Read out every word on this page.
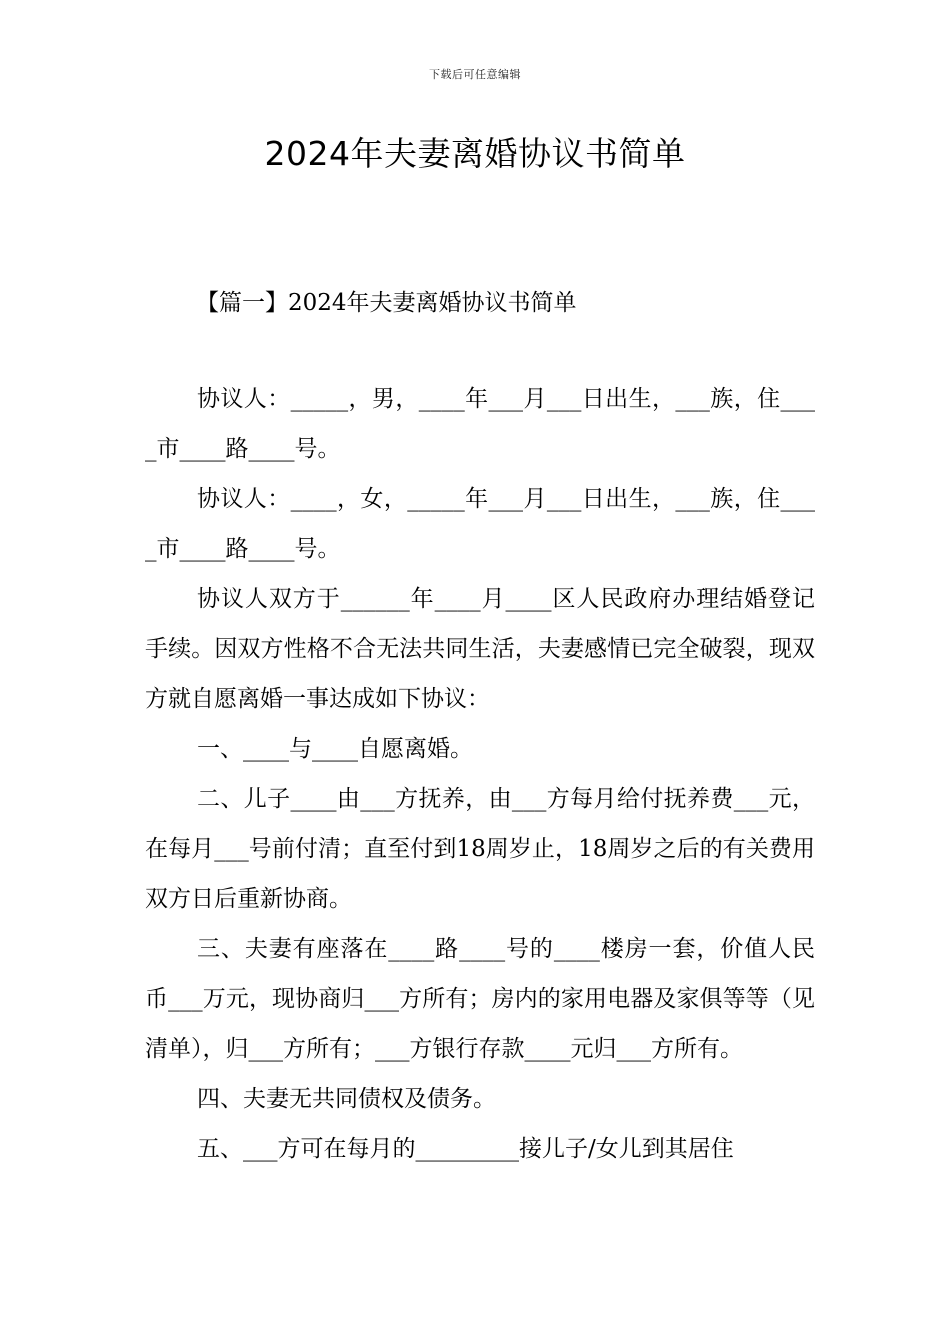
下载后可任意编辑
2024年夫妻离婚协议书简单
【篇一】2024年夫妻离婚协议书简单

协议人：_____，男，____年___月___日出生，___族，住____市____路____号。

协议人：____，女，_____年___月___日出生，___族，住____市____路____号。

协议人双方于______年____月____区人民政府办理结婚登记手续。因双方性格不合无法共同生活，夫妻感情已完全破裂，现双方就自愿离婚一事达成如下协议：

一、____与____自愿离婚。

二、儿子____由___方抚养，由___方每月给付抚养费___元，在每月___号前付清；直至付到18周岁止，18周岁之后的有关费用双方日后重新协商。

三、夫妻有座落在____路____号的____楼房一套，价值人民币___万元，现协商归___方所有；房内的家用电器及家俱等等（见清单），归___方所有；___方银行存款____元归___方所有。

四、夫妻无共同债权及债务。

五、___方可在每月的_________接儿子/女儿到其居住
